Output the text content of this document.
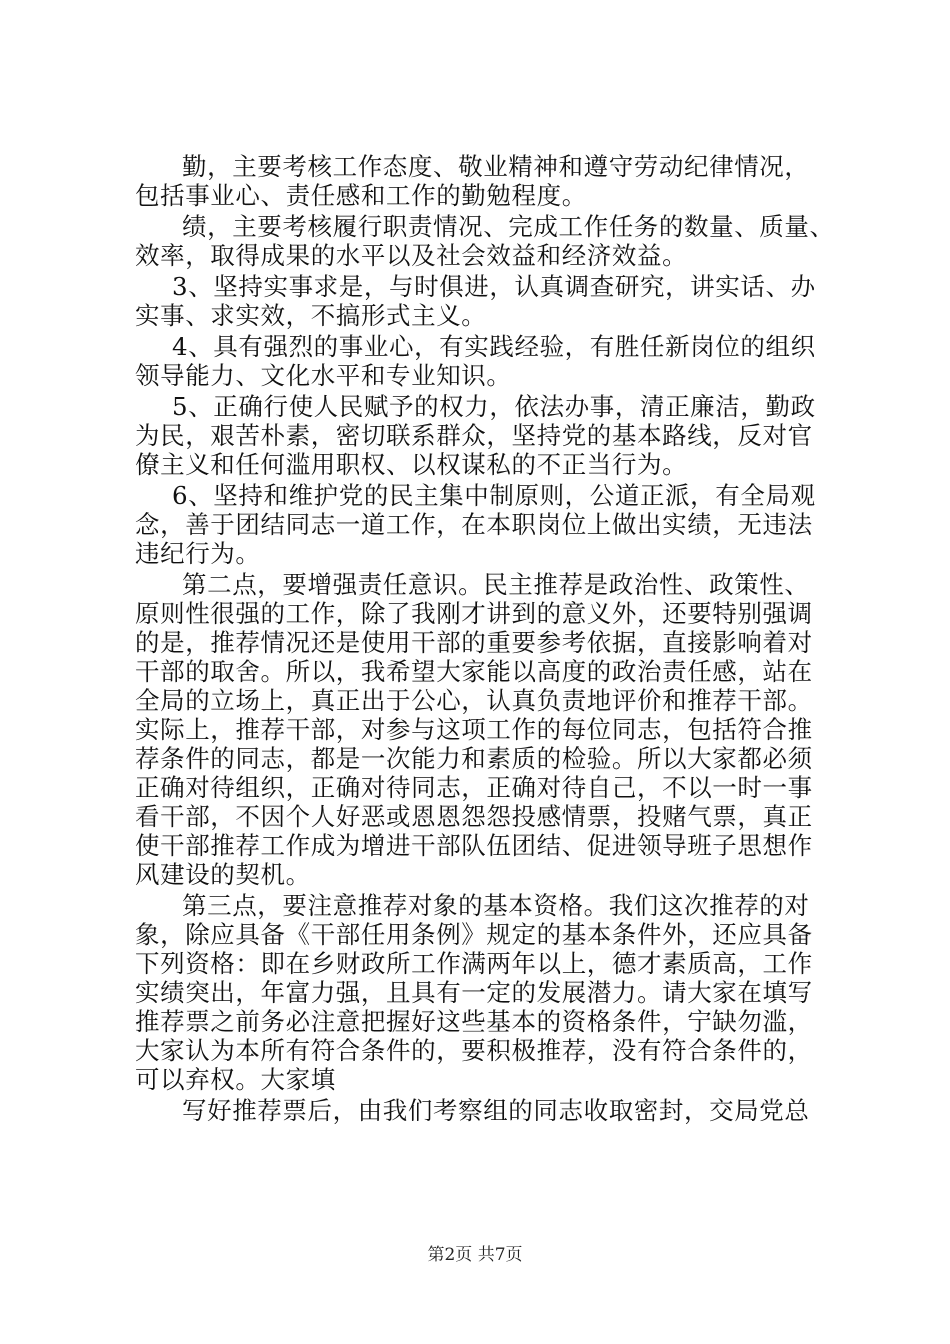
勤，主要考核工作态度、敬业精神和遵守劳动纪律情况，
包括事业心、责任感和工作的勤勉程度。
绩，主要考核履行职责情况、完成工作任务的数量、质量、
效率，取得成果的水平以及社会效益和经济效益。
3、坚持实事求是，与时俱进，认真调查研究，讲实话、办
实事、求实效，不搞形式主义。
4、具有强烈的事业心，有实践经验，有胜任新岗位的组织
领导能力、文化水平和专业知识。
5、正确行使人民赋予的权力，依法办事，清正廉洁，勤政
为民，艰苦朴素，密切联系群众，坚持党的基本路线，反对官
僚主义和任何滥用职权、以权谋私的不正当行为。
6、坚持和维护党的民主集中制原则，公道正派，有全局观
念，善于团结同志一道工作，在本职岗位上做出实绩，无违法
违纪行为。
第二点，要增强责任意识。民主推荐是政治性、政策性、
原则性很强的工作，除了我刚才讲到的意义外，还要特别强调
的是，推荐情况还是使用干部的重要参考依据，直接影响着对
干部的取舍。所以，我希望大家能以高度的政治责任感，站在
全局的立场上，真正出于公心，认真负责地评价和推荐干部。
实际上，推荐干部，对参与这项工作的每位同志，包括符合推
荐条件的同志，都是一次能力和素质的检验。所以大家都必须
正确对待组织，正确对待同志，正确对待自己，不以一时一事
看干部，不因个人好恶或恩恩怨怨投感情票，投赌气票，真正
使干部推荐工作成为增进干部队伍团结、促进领导班子思想作
风建设的契机。
第三点，要注意推荐对象的基本资格。我们这次推荐的对
象，除应具备《干部任用条例》规定的基本条件外，还应具备
下列资格：即在乡财政所工作满两年以上，德才素质高，工作
实绩突出，年富力强，且具有一定的发展潜力。请大家在填写
推荐票之前务必注意把握好这些基本的资格条件，宁缺勿滥，
大家认为本所有符合条件的，要积极推荐，没有符合条件的，
可以弃权。大家填
写好推荐票后，由我们考察组的同志收取密封，交局党总
第2页 共7页
